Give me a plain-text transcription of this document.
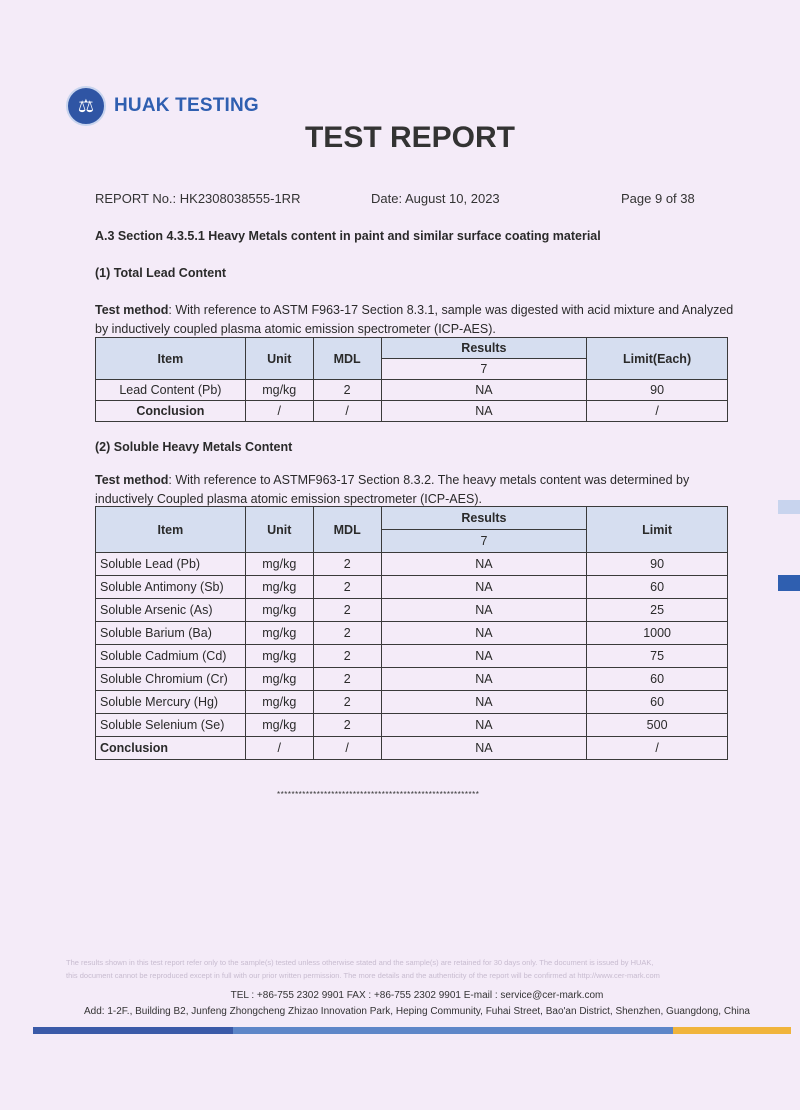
⚖	HUAK TESTING
TEST REPORT
REPORT No.: HK2308038555-1RR	Date: August 10, 2023	Page 9 of 38
A.3 Section 4.3.5.1 Heavy Metals content in paint and similar surface coating material
(1) Total Lead Content
Test method: With reference to ASTM F963-17 Section 8.3.1, sample was digested with acid mixture and Analyzed by inductively coupled plasma atomic emission spectrometer (ICP-AES).
Item	Unit	MDL	Results	Limit(Each)
			7	
Lead Content (Pb)	mg/kg	2	NA	90
Conclusion	/	/	NA	/
(2) Soluble Heavy Metals Content
Test method: With reference to ASTMF963-17 Section 8.3.2. The heavy metals content was determined by inductively Coupled plasma atomic emission spectrometer (ICP-AES).
Item	Unit	MDL	Results	Limit
			7	
Soluble Lead (Pb)	mg/kg	2	NA	90
Soluble Antimony (Sb)	mg/kg	2	NA	60
Soluble Arsenic (As)	mg/kg	2	NA	25
Soluble Barium (Ba)	mg/kg	2	NA	1000
Soluble Cadmium (Cd)	mg/kg	2	NA	75
Soluble Chromium (Cr)	mg/kg	2	NA	60
Soluble Mercury (Hg)	mg/kg	2	NA	60
Soluble Selenium (Se)	mg/kg	2	NA	500
Conclusion	/	/	NA	/
********************************************************
The results shown in this test report refer only to the sample(s) tested unless otherwise stated and the sample(s) are retained for 30 days only. The document is issued by HUAK,
this document cannot be reproduced except in full with our prior written permission. The more details and the authenticity of the report will be confirmed at http://www.cer-mark.com
TEL : +86-755 2302 9901 FAX : +86-755 2302 9901 E-mail : service@cer-mark.com
Add: 1-2F., Building B2, Junfeng Zhongcheng Zhizao Innovation Park, Heping Community, Fuhai Street, Bao'an District, Shenzhen, Guangdong, China
